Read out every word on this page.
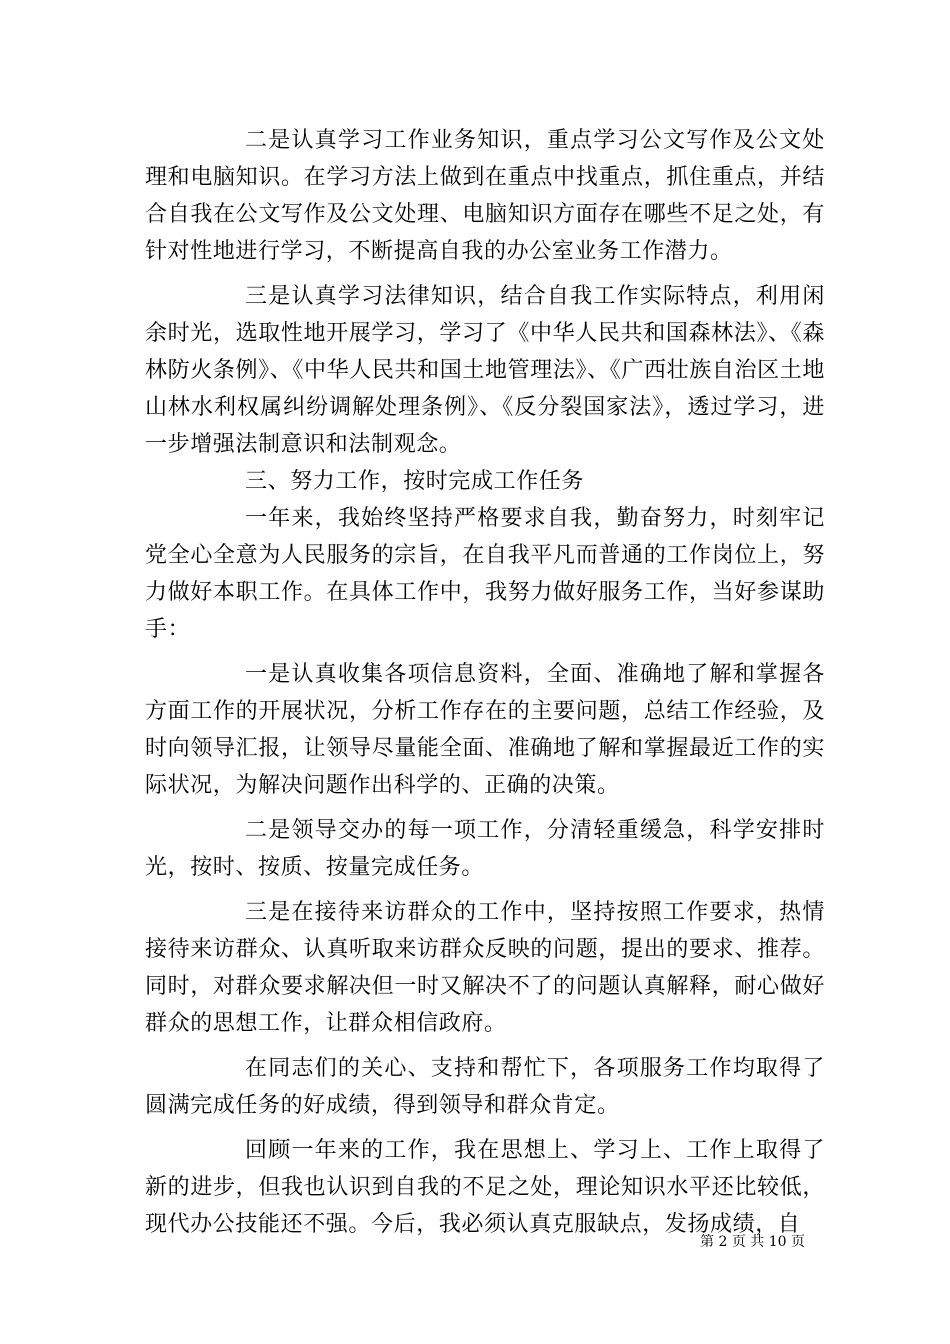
二是认真学习工作业务知识，重点学习公文写作及公文处理和电脑知识。在学习方法上做到在重点中找重点，抓住重点，并结合自我在公文写作及公文处理、电脑知识方面存在哪些不足之处，有针对性地进行学习，不断提高自我的办公室业务工作潜力。

三是认真学习法律知识，结合自我工作实际特点，利用闲余时光，选取性地开展学习，学习了《中华人民共和国森林法》、《森林防火条例》、《中华人民共和国土地管理法》、《广西壮族自治区土地山林水利权属纠纷调解处理条例》、《反分裂国家法》，透过学习，进一步增强法制意识和法制观念。

三、努力工作，按时完成工作任务

一年来，我始终坚持严格要求自我，勤奋努力，时刻牢记党全心全意为人民服务的宗旨，在自我平凡而普通的工作岗位上，努力做好本职工作。在具体工作中，我努力做好服务工作，当好参谋助手：

一是认真收集各项信息资料，全面、准确地了解和掌握各方面工作的开展状况，分析工作存在的主要问题，总结工作经验，及时向领导汇报，让领导尽量能全面、准确地了解和掌握最近工作的实际状况，为解决问题作出科学的、正确的决策。

二是领导交办的每一项工作，分清轻重缓急，科学安排时光，按时、按质、按量完成任务。

三是在接待来访群众的工作中，坚持按照工作要求，热情接待来访群众、认真听取来访群众反映的问题，提出的要求、推荐。同时，对群众要求解决但一时又解决不了的问题认真解释，耐心做好群众的思想工作，让群众相信政府。

在同志们的关心、支持和帮忙下，各项服务工作均取得了圆满完成任务的好成绩，得到领导和群众肯定。

回顾一年来的工作，我在思想上、学习上、工作上取得了新的进步，但我也认识到自我的不足之处，理论知识水平还比较低，现代办公技能还不强。今后，我必须认真克服缺点，发扬成绩，自

第 2 页 共 10 页
